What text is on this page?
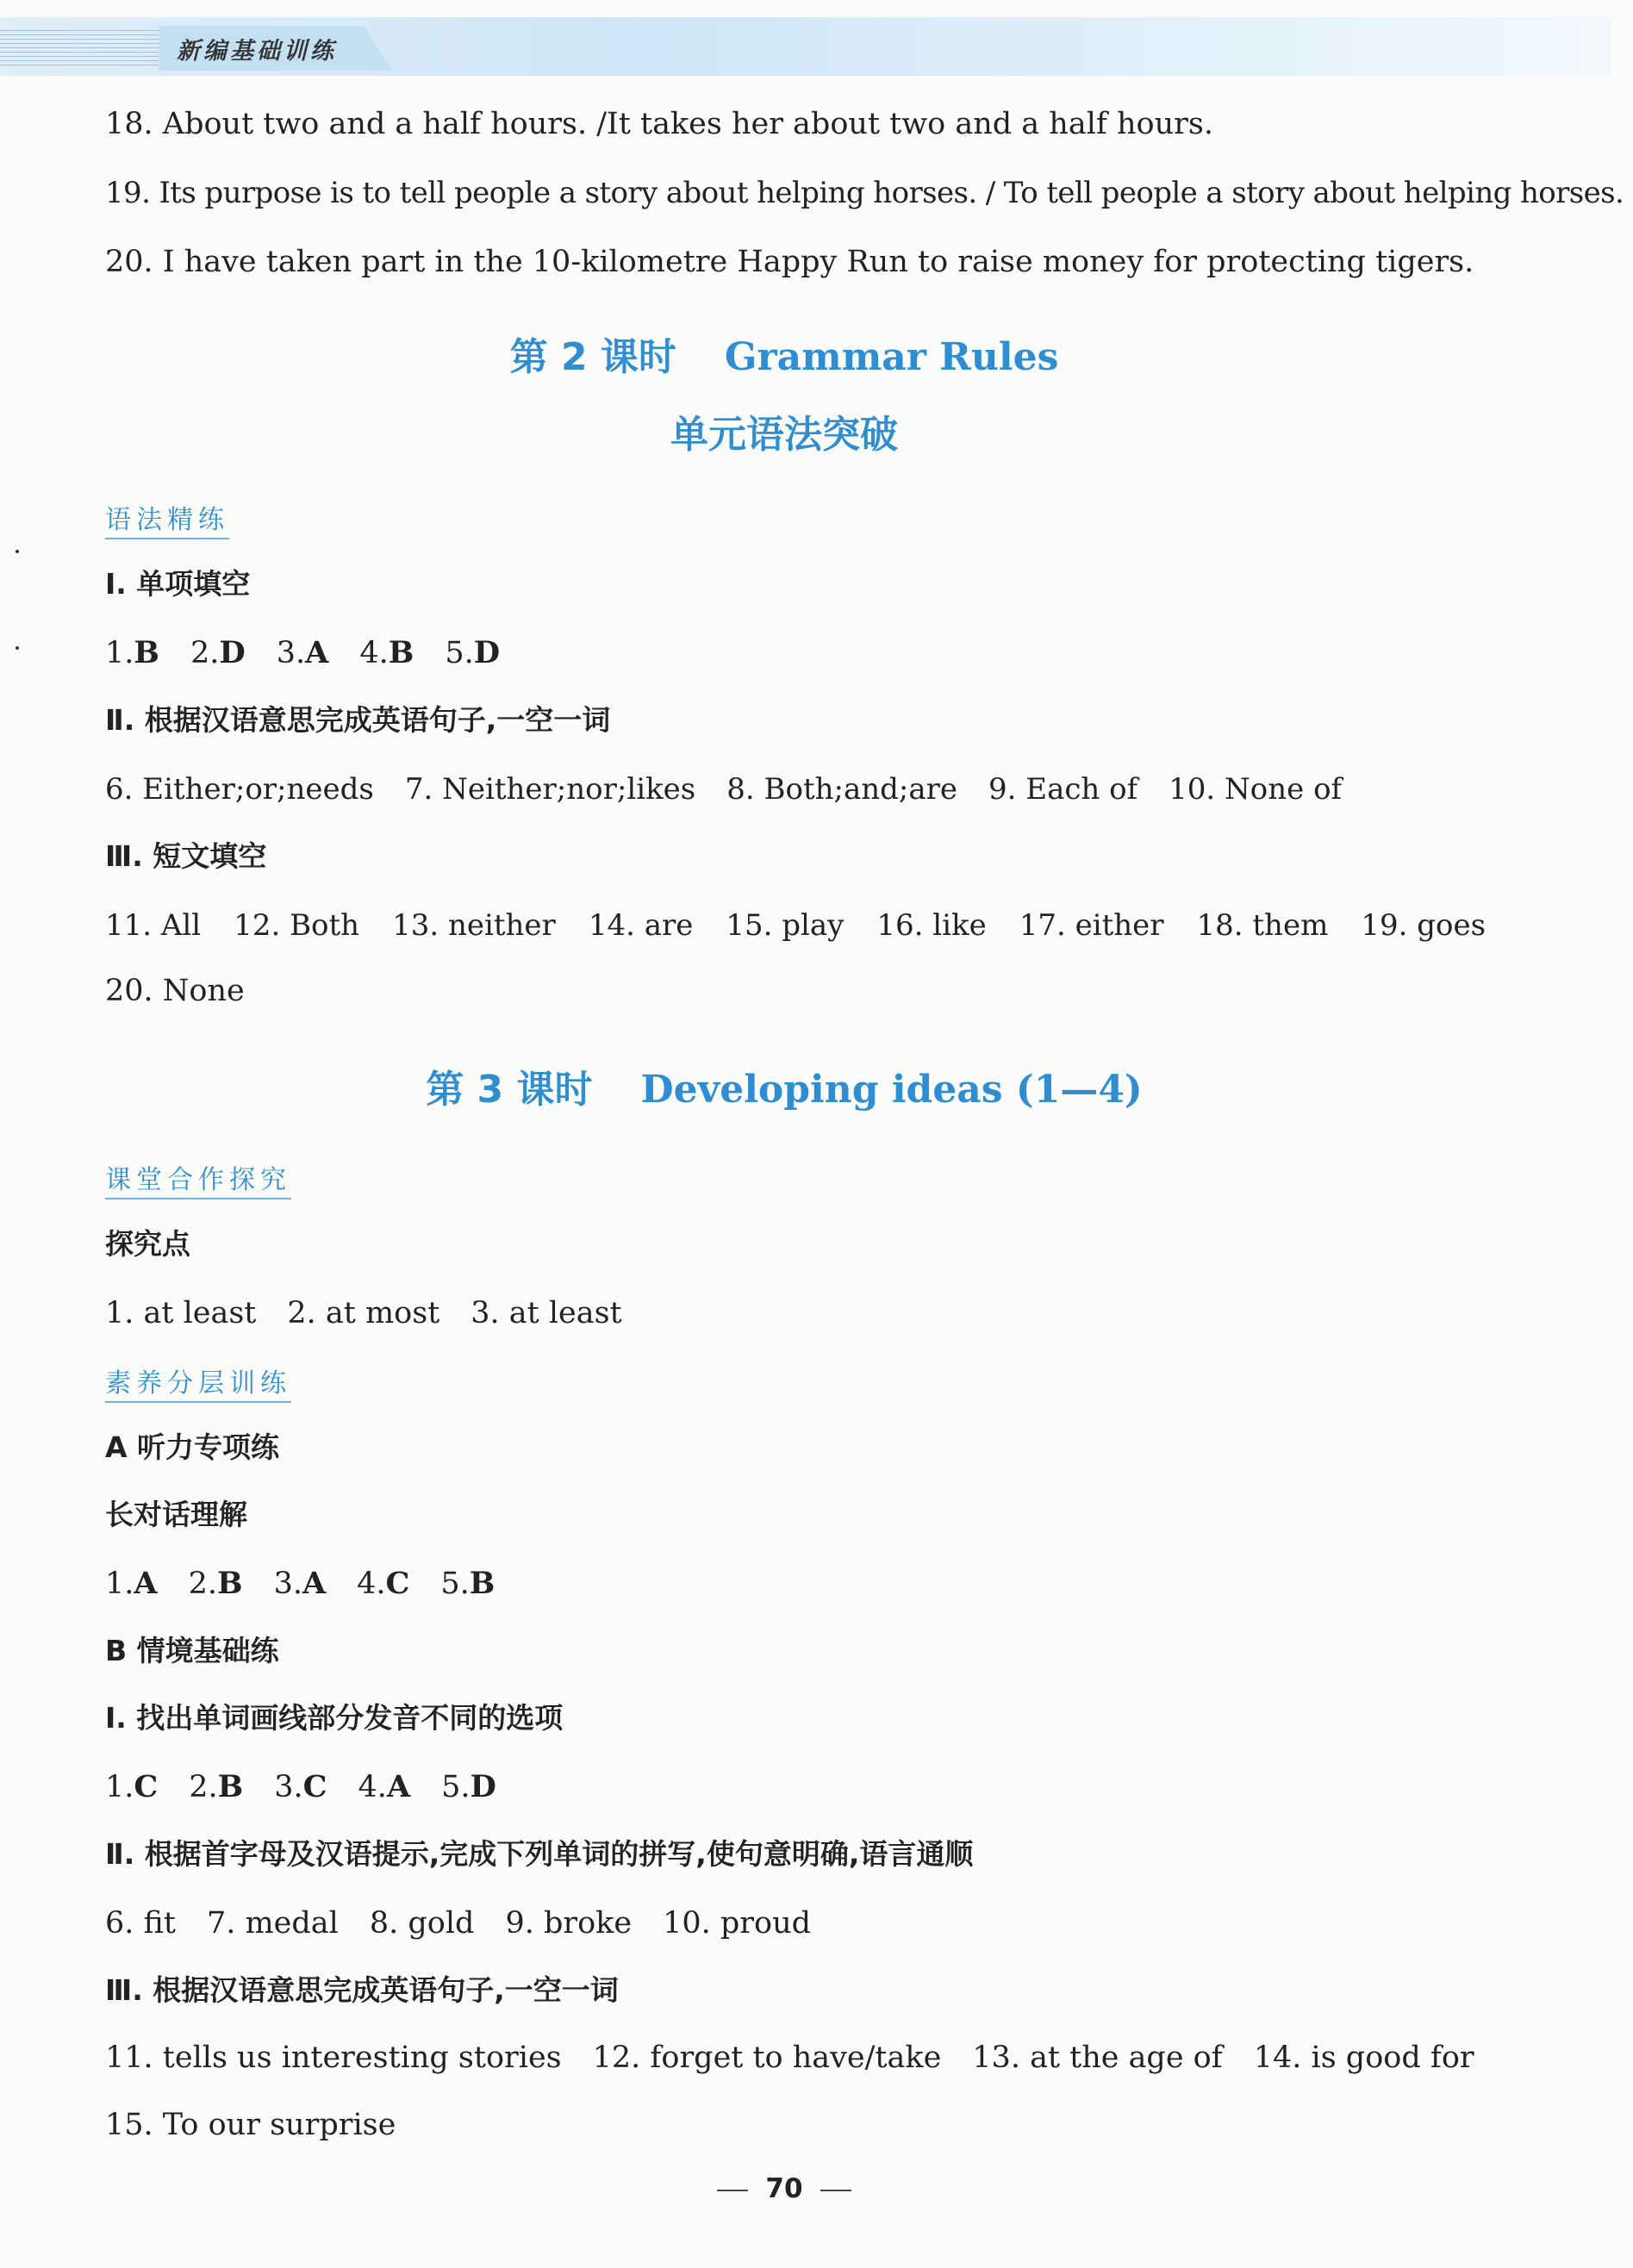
新编基础训练
18. About two and a half hours. /It takes her about two and a half hours.
19. Its purpose is to tell people a story about helping horses. / To tell people a story about helping horses.
20. I have taken part in the 10-kilometre Happy Run to raise money for protecting tigers.
第 2 课时 Grammar Rules
单元语法突破
语法精练
Ⅰ. 单项填空
1.B 2.D 3.A 4.B 5.D
Ⅱ. 根据汉语意思完成英语句子,一空一词
6. Either;or;needs 7. Neither;nor;likes 8. Both;and;are 9. Each of 10. None of
Ⅲ. 短文填空
11. All 12. Both 13. neither 14. are 15. play 16. like 17. either 18. them 19. goes
20. None
第 3 课时 Developing ideas (1—4)
课堂合作探究
探究点
1. at least 2. at most 3. at least
素养分层训练
A 听力专项练
长对话理解
1.A 2.B 3.A 4.C 5.B
B 情境基础练
Ⅰ. 找出单词画线部分发音不同的选项
1.C 2.B 3.C 4.A 5.D
Ⅱ. 根据首字母及汉语提示,完成下列单词的拼写,使句意明确,语言通顺
6. fit 7. medal 8. gold 9. broke 10. proud
Ⅲ. 根据汉语意思完成英语句子,一空一词
11. tells us interesting stories 12. forget to have/take 13. at the age of 14. is good for
15. To our surprise
70
